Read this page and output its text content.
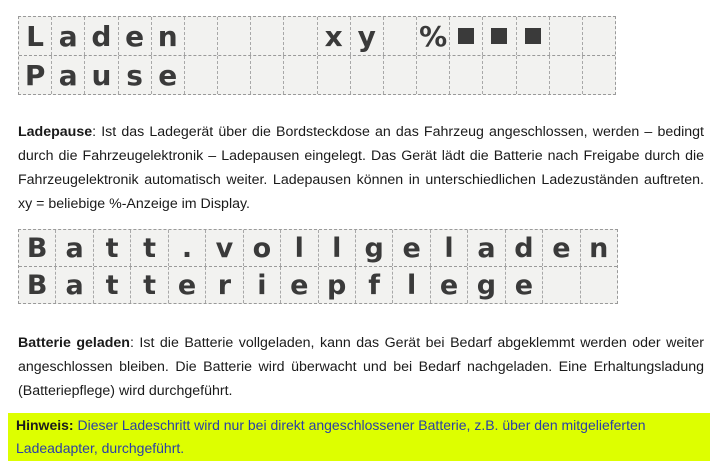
L a d e n	x y %
P a u s e

Ladepause: Ist das Ladegerät über die Bordsteckdose an das Fahrzeug angeschlossen, werden – bedingt durch die Fahrzeugelektronik – Ladepausen eingelegt. Das Gerät lädt die Batterie nach Freigabe durch die Fahrzeugelektronik automatisch weiter. Ladepausen können in unterschiedlichen Ladezuständen auftreten. xy = beliebige %-Anzeige im Display.

B a t t . v o l	l g e l a d e n
B a t t e r i e p f l e g e

Batterie geladen: Ist die Batterie vollgeladen, kann das Gerät bei Bedarf abgeklemmt werden oder weiter angeschlossen bleiben. Die Batterie wird überwacht und bei Bedarf nachgeladen. Eine Erhaltungsladung (Batteriepflege) wird durchgeführt.

Hinweis: Dieser Ladeschritt wird nur bei direkt angeschlossener Batterie, z.B. über den mitgelieferten Ladeadapter, durchgeführt.
